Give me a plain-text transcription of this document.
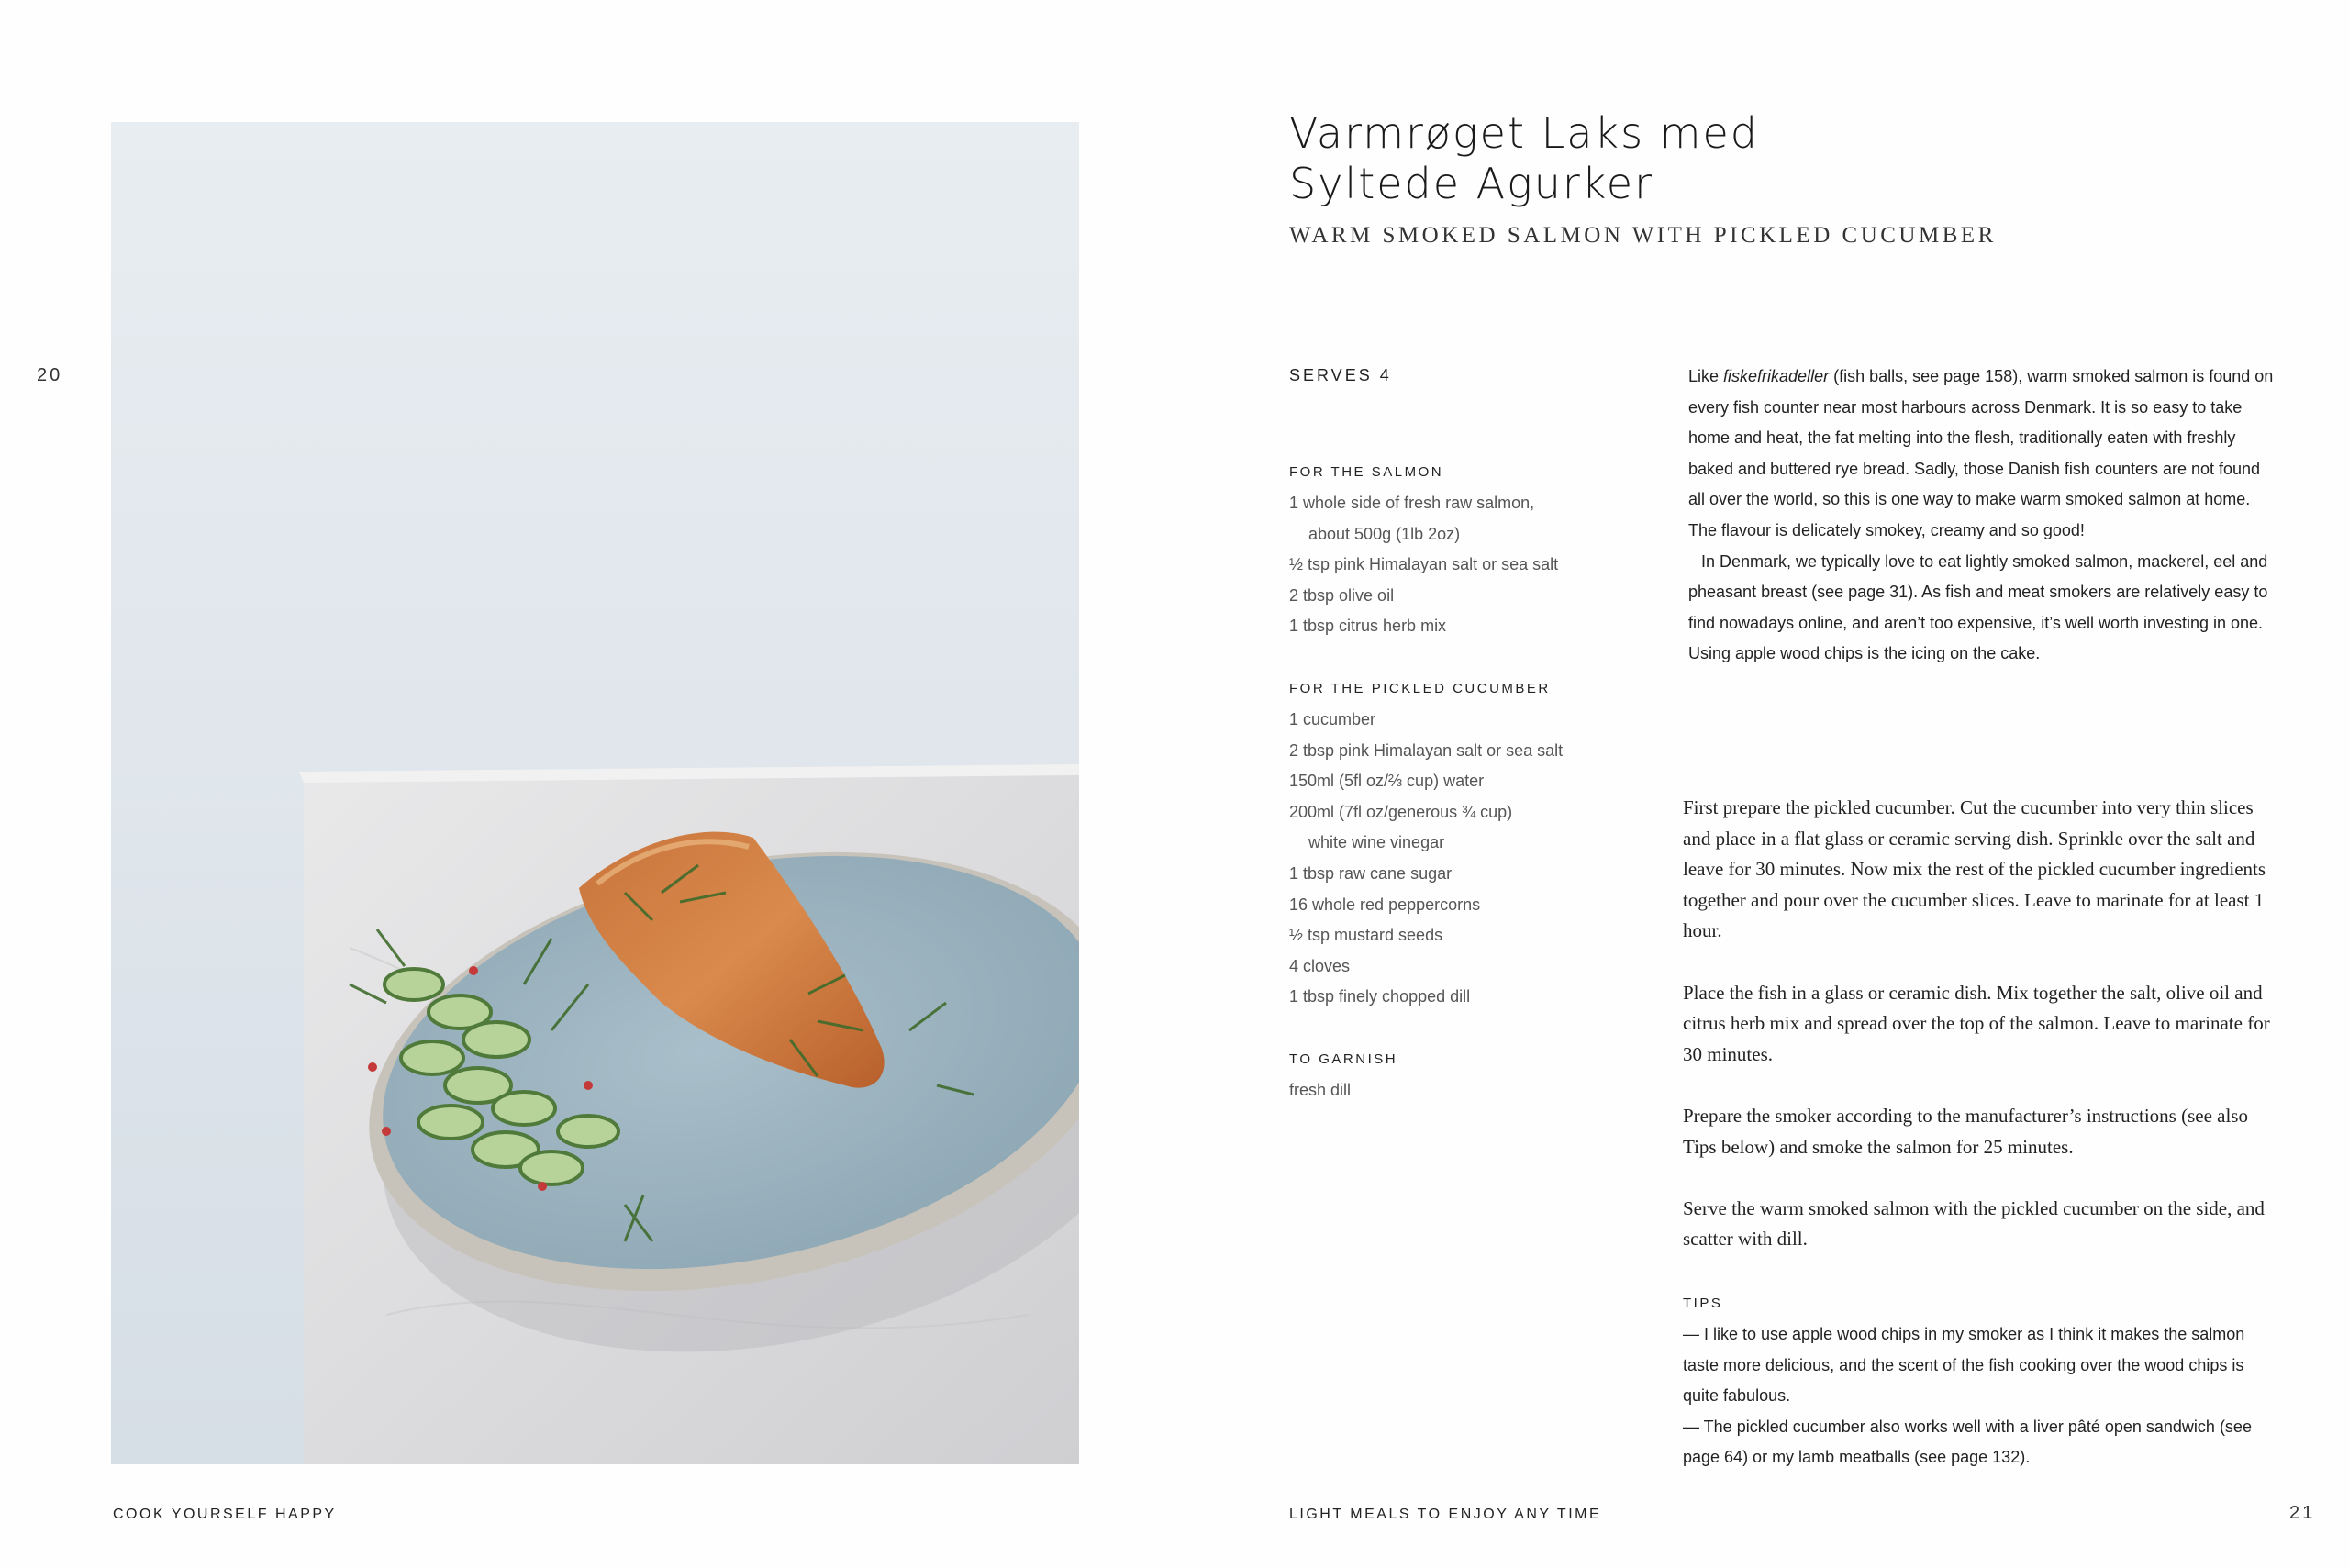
20
COOK YOURSELF HAPPY
Varmrøget Laks med
Syltede Agurker
WARM SMOKED SALMON WITH PICKLED CUCUMBER
SERVES 4
FOR THE SALMON
1 whole side of fresh raw salmon,
about 500g (1lb 2oz)
½ tsp pink Himalayan salt or sea salt
2 tbsp olive oil
1 tbsp citrus herb mix
FOR THE PICKLED CUCUMBER
1 cucumber
2 tbsp pink Himalayan salt or sea salt
150ml (5fl oz/⅔ cup) water
200ml (7fl oz/generous ¾ cup)
white wine vinegar
1 tbsp raw cane sugar
16 whole red peppercorns
½ tsp mustard seeds
4 cloves
1 tbsp finely chopped dill
TO GARNISH
fresh dill

Like fiskefrikadeller (fish balls, see page 158), warm smoked salmon is found on every fish counter near most harbours across Denmark. It is so easy to take home and heat, the fat melting into the flesh, traditionally eaten with freshly baked and buttered rye bread. Sadly, those Danish fish counters are not found all over the world, so this is one way to make warm smoked salmon at home. The flavour is delicately smokey, creamy and so good!

In Denmark, we typically love to eat lightly smoked salmon, mackerel, eel and pheasant breast (see page 31). As fish and meat smokers are relatively easy to find nowadays online, and aren’t too expensive, it’s well worth investing in one. Using apple wood chips is the icing on the cake.

First prepare the pickled cucumber. Cut the cucumber into very thin slices and place in a flat glass or ceramic serving dish. Sprinkle over the salt and leave for 30 minutes. Now mix the rest of the pickled cucumber ingredients together and pour over the cucumber slices. Leave to marinate for at least 1 hour.

Place the fish in a glass or ceramic dish. Mix together the salt, olive oil and citrus herb mix and spread over the top of the salmon. Leave to marinate for 30 minutes.

Prepare the smoker according to the manufacturer’s instructions (see also Tips below) and smoke the salmon for 25 minutes.

Serve the warm smoked salmon with the pickled cucumber on the side, and scatter with dill.

TIPS

— I like to use apple wood chips in my smoker as I think it makes the salmon taste more delicious, and the scent of the fish cooking over the wood chips is quite fabulous.

— The pickled cucumber also works well with a liver pâté open sandwich (see page 64) or my lamb meatballs (see page 132).

LIGHT MEALS TO ENJOY ANY TIME	21
